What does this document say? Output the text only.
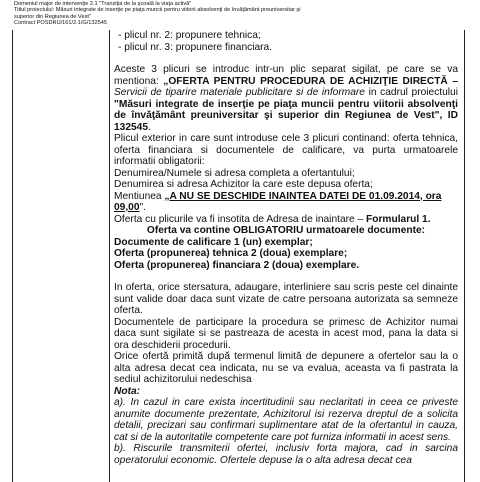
Domeniul major de intervenţie 2.1 "Tranziţia de la şcoală la viaţa activă"
Titlul proiectului: Măsuri integrate de inserţie pe piaţa muncii pentru viitorii absolvenţi de învăţământ preuniversitar şi
superior din Regiunea de Vest"
Contract POSDRU/161/2.1/G/132545

- plicul nr. 2: propunere tehnica;

- plicul nr. 3: propunere financiara.

Aceste 3 plicuri se introduc intr-un plic separat sigilat, pe care se va mentiona: „OFERTA PENTRU PROCEDURA DE ACHIZIŢIE DIRECTĂ – Servicii de tiparire materiale publicitare si de informare in cadrul proiectului "Măsuri integrate de inserţie pe piaţa muncii pentru viitorii absolvenţi de învăţământ preuniversitar şi superior din Regiunea de Vest", ID 132545.

Plicul exterior in care sunt introduse cele 3 plicuri continand: oferta tehnica, oferta financiara si documentele de calificare, va purta urmatoarele informatii obligatorii:

Denumirea/Numele si adresa completa a ofertantului;

Denumirea si adresa Achizitor la care este depusa oferta;

Mentiunea „A NU SE DESCHIDE INAINTEA DATEI DE 01.09.2014, ora 09,00".

Oferta cu plicurile va fi insotita de Adresa de inaintare – Formularul 1.

Oferta va contine OBLIGATORIU urmatoarele documente:

Documente de calificare 1 (un) exemplar;

Oferta (propunerea) tehnica 2 (doua) exemplare;

Oferta (propunerea) financiara 2 (doua) exemplare.

In oferta, orice stersatura, adaugare, interliniere sau scris peste cel dinainte sunt valide doar daca sunt vizate de catre persoana autorizata sa semneze oferta.

Documentele de participare la procedura se primesc de Achizitor numai daca sunt sigilate si se pastreaza de acesta in acest mod, pana la data si ora deschiderii procedurii.

Orice ofertă primită după termenul limită de depunere a ofertelor sau la o alta adresa decat cea indicata, nu se va evalua, aceasta va fi pastrata la sediul achizitorului nedeschisa

Nota:

a). In cazul in care exista incertitudinii sau neclaritati in ceea ce priveste anumite documente prezentate, Achizitorul isi rezerva dreptul de a solicita detalii, precizari sau confirmari suplimentare atat de la ofertantul in cauza, cat si de la autoritatile competente care pot furniza informatii in acest sens.

b). Riscurile transmiterii ofertei, inclusiv forta majora, cad in sarcina operatorului economic. Ofertele depuse la o alta adresa decat cea
